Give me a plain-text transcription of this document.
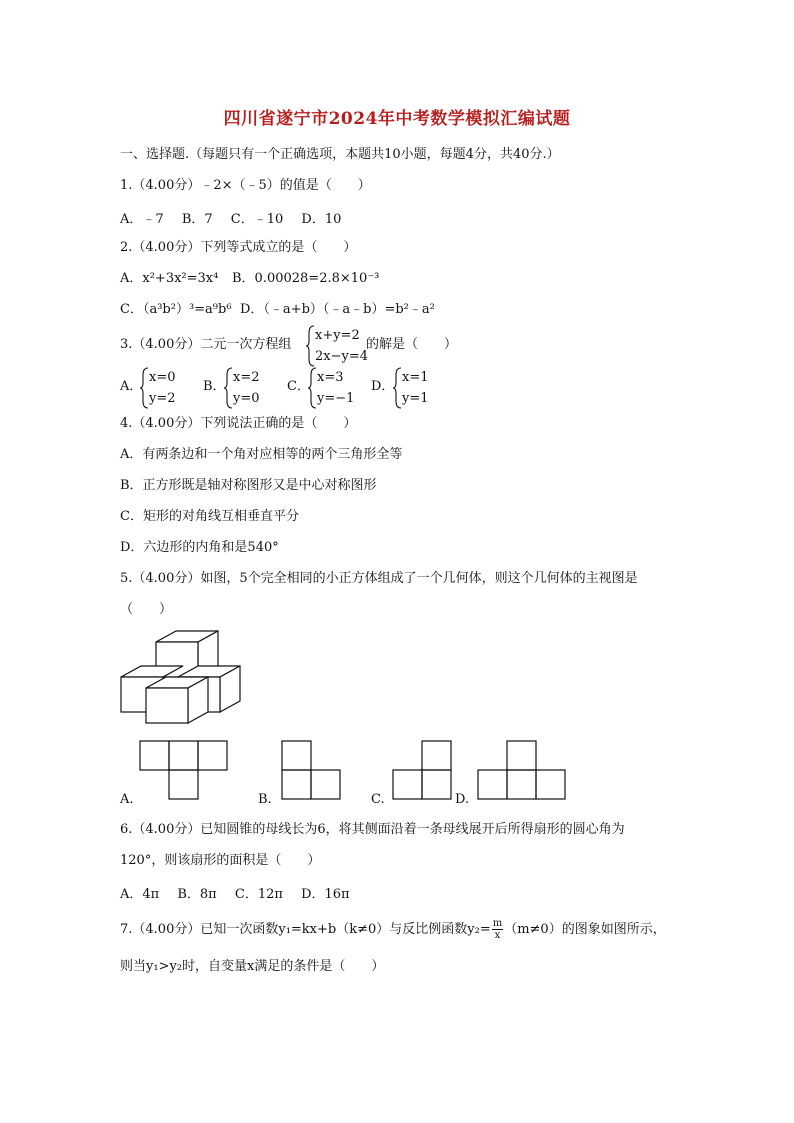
四川省遂宁市2024年中考数学模拟汇编试题
一、选择题.（每题只有一个正确选项，本题共10小题，每题4分，共40分.）
1.（4.00分）﹣2×（﹣5）的值是（　　）
A．﹣7 B．7 C．﹣10 D．10
2.（4.00分）下列等式成立的是（　　）
A．x²+3x²=3x⁴ B．0.00028=2.8×10⁻³
C．（a³b²）³=a⁹b⁶ D．（﹣a+b）（﹣a﹣b）=b²﹣a²
3.（4.00分）二元一次方程组
x+y=2
2x−y=4
的解是（　　）
A．
x=0
y=2
B．
x=2
y=0
C．
x=3
y=−1
D．
x=1
y=1
4.（4.00分）下列说法正确的是（　　）
A．有两条边和一个角对应相等的两个三角形全等
B．正方形既是轴对称图形又是中心对称图形
C．矩形的对角线互相垂直平分
D．六边形的内角和是540°
5.（4.00分）如图，5个完全相同的小正方体组成了一个几何体，则这个几何体的主视图是
（　　）
A.	B.	C.	D.
6.（4.00分）已知圆锥的母线长为6，将其侧面沿着一条母线展开后所得扇形的圆心角为
120°，则该扇形的面积是（　　）
A．4π B．8π C．12π D．16π
7.（4.00分）已知一次函数y₁=kx+b（k≠0）与反比例函数$y_2= \frac{m}{x} (m\ne 0)$的图象如图所示，
则当y₁>y₂时，自变量x满足的条件是（　　）
